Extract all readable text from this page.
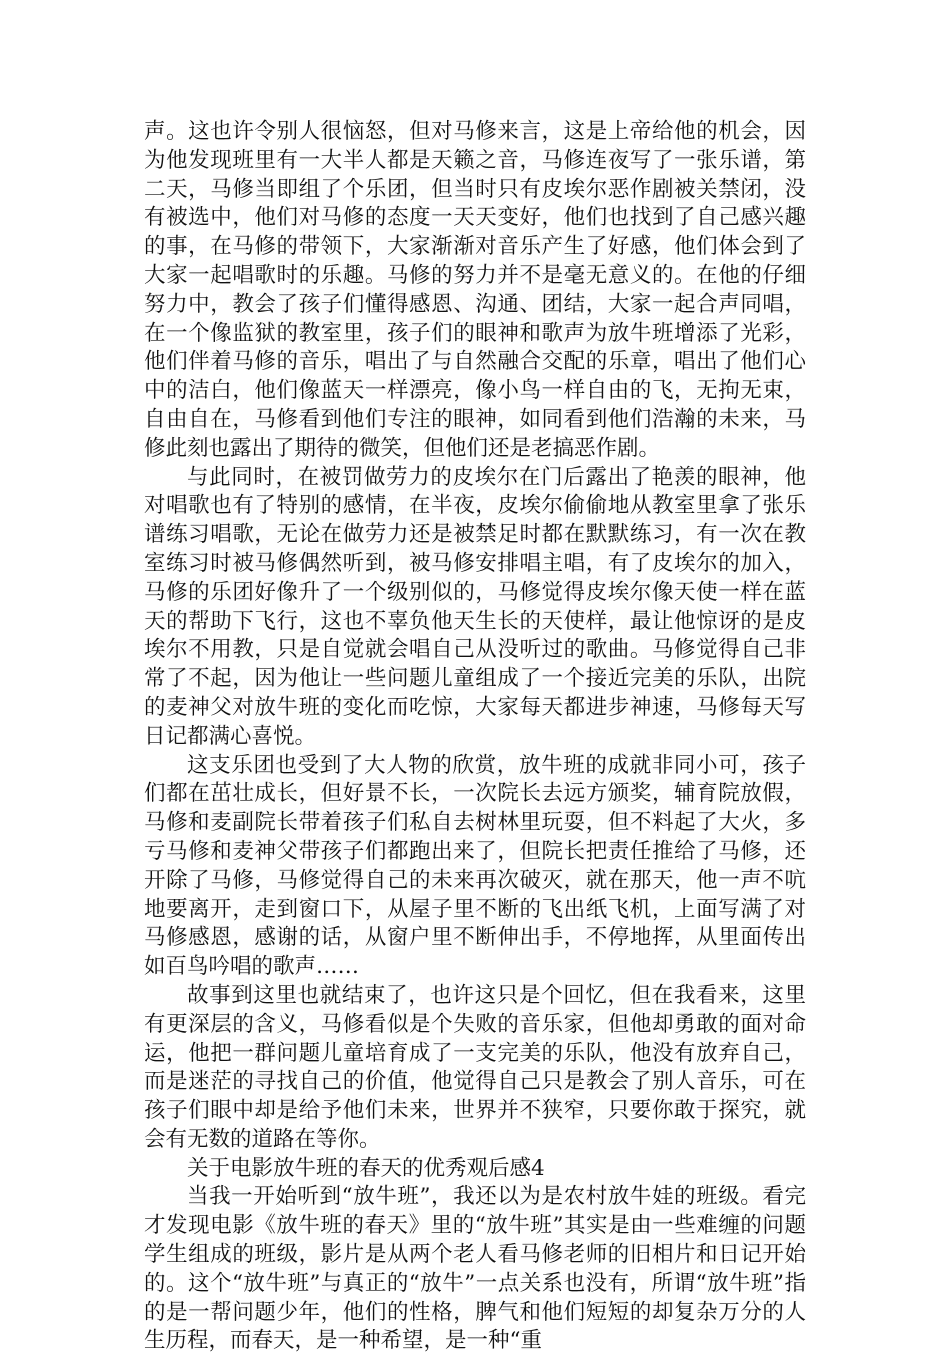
声。这也许令别人很恼怒，但对马修来言，这是上帝给他的机会，因为他发现班里有一大半人都是天籁之音，马修连夜写了一张乐谱，第二天，马修当即组了个乐团，但当时只有皮埃尔恶作剧被关禁闭，没有被选中，他们对马修的态度一天天变好，他们也找到了自己感兴趣的事，在马修的带领下，大家渐渐对音乐产生了好感，他们体会到了大家一起唱歌时的乐趣。马修的努力并不是毫无意义的。在他的仔细努力中，教会了孩子们懂得感恩、沟通、团结，大家一起合声同唱，在一个像监狱的教室里，孩子们的眼神和歌声为放牛班增添了光彩，他们伴着马修的音乐，唱出了与自然融合交配的乐章，唱出了他们心中的洁白，他们像蓝天一样漂亮，像小鸟一样自由的飞，无拘无束，自由自在，马修看到他们专注的眼神，如同看到他们浩瀚的未来，马修此刻也露出了期待的微笑，但他们还是老搞恶作剧。

与此同时，在被罚做劳力的皮埃尔在门后露出了艳羡的眼神，他对唱歌也有了特别的感情，在半夜，皮埃尔偷偷地从教室里拿了张乐谱练习唱歌，无论在做劳力还是被禁足时都在默默练习，有一次在教室练习时被马修偶然听到，被马修安排唱主唱，有了皮埃尔的加入，马修的乐团好像升了一个级别似的，马修觉得皮埃尔像天使一样在蓝天的帮助下飞行，这也不辜负他天生长的天使样，最让他惊讶的是皮埃尔不用教，只是自觉就会唱自己从没听过的歌曲。马修觉得自己非常了不起，因为他让一些问题儿童组成了一个接近完美的乐队，出院的麦神父对放牛班的变化而吃惊，大家每天都进步神速，马修每天写日记都满心喜悦。

这支乐团也受到了大人物的欣赏，放牛班的成就非同小可，孩子们都在茁壮成长，但好景不长，一次院长去远方颁奖，辅育院放假，马修和麦副院长带着孩子们私自去树林里玩耍，但不料起了大火，多亏马修和麦神父带孩子们都跑出来了，但院长把责任推给了马修，还开除了马修，马修觉得自己的未来再次破灭，就在那天，他一声不吭地要离开，走到窗口下，从屋子里不断的飞出纸飞机，上面写满了对马修感恩，感谢的话，从窗户里不断伸出手，不停地挥，从里面传出如百鸟吟唱的歌声……

故事到这里也就结束了，也许这只是个回忆，但在我看来，这里有更深层的含义，马修看似是个失败的音乐家，但他却勇敢的面对命运，他把一群问题儿童培育成了一支完美的乐队，他没有放弃自己，而是迷茫的寻找自己的价值，他觉得自己只是教会了别人音乐，可在孩子们眼中却是给予他们未来，世界并不狭窄，只要你敢于探究，就会有无数的道路在等你。

关于电影放牛班的春天的优秀观后感4

当我一开始听到“放牛班”，我还以为是农村放牛娃的班级。看完才发现电影《放牛班的春天》里的“放牛班”其实是由一些难缠的问题学生组成的班级，影片是从两个老人看马修老师的旧相片和日记开始的。这个“放牛班”与真正的“放牛”一点关系也没有，所谓“放牛班”指的是一帮问题少年，他们的性格，脾气和他们短短的却复杂万分的人生历程，而春天，是一种希望，是一种“重
